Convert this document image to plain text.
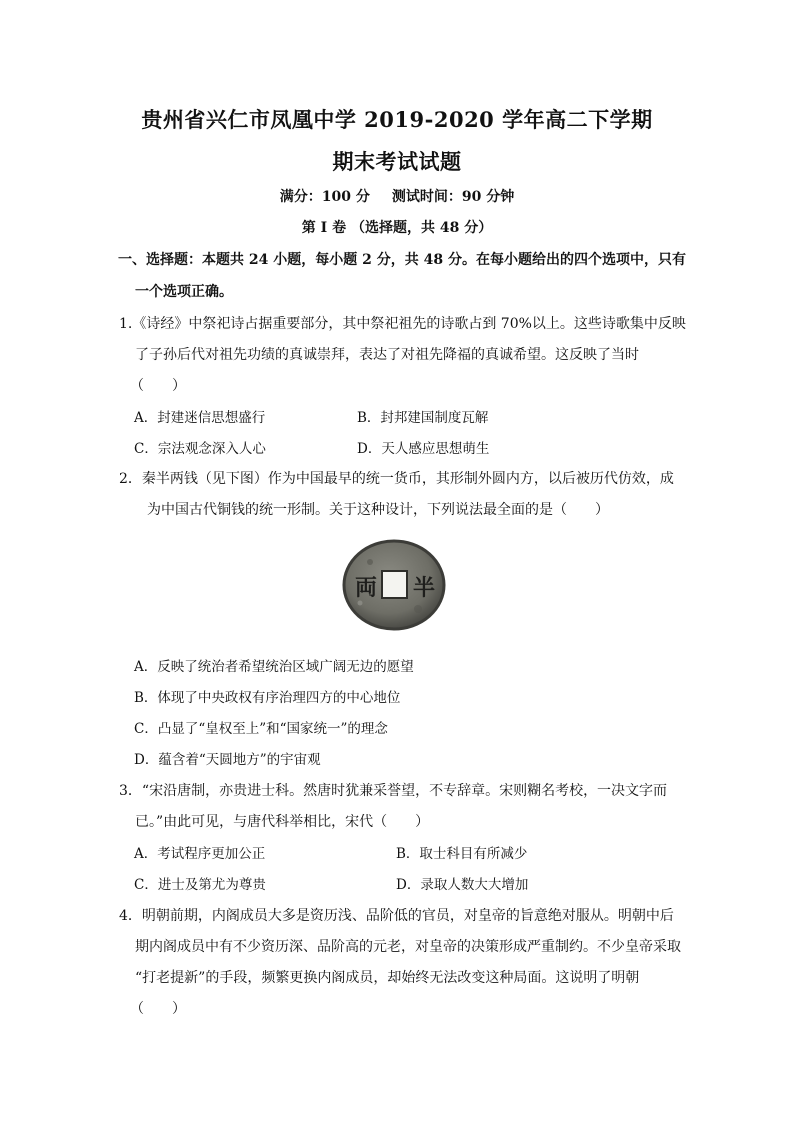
贵州省兴仁市凤凰中学 2019-2020 学年高二下学期
期末考试试题
满分：100 分 测试时间：90 分钟
第 I 卷 （选择题，共 48 分）
一、选择题：本题共 24 小题，每小题 2 分，共 48 分。在每小题给出的四个选项中，只有
一个选项正确。
1.《诗经》中祭祀诗占据重要部分，其中祭祀祖先的诗歌占到 70%以上。这些诗歌集中反映
了子孙后代对祖先功绩的真诚崇拜，表达了对祖先降福的真诚希望。这反映了当时
（　　）
A．封建迷信思想盛行	B．封邦建国制度瓦解
C．宗法观念深入人心	D．天人感应思想萌生
2．秦半两钱（见下图）作为中国最早的统一货币，其形制外圆内方，以后被历代仿效，成
为中国古代铜钱的统一形制。关于这种设计，下列说法最全面的是（　　）
両 半
A．反映了统治者希望统治区域广阔无边的愿望
B．体现了中央政权有序治理四方的中心地位
C．凸显了“皇权至上”和“国家统一”的理念
D．蕴含着“天圆地方”的宇宙观
3．“宋沿唐制，亦贵进士科。然唐时犹兼采誉望，不专辞章。宋则糊名考校，一决文字而
已。”由此可见，与唐代科举相比，宋代（　　）
A．考试程序更加公正	B．取士科目有所减少
C．进士及第尤为尊贵	D．录取人数大大增加
4．明朝前期，内阁成员大多是资历浅、品阶低的官员，对皇帝的旨意绝对服从。明朝中后
期内阁成员中有不少资历深、品阶高的元老，对皇帝的决策形成严重制约。不少皇帝采取
“打老提新”的手段，频繁更换内阁成员，却始终无法改变这种局面。这说明了明朝
（　　）
